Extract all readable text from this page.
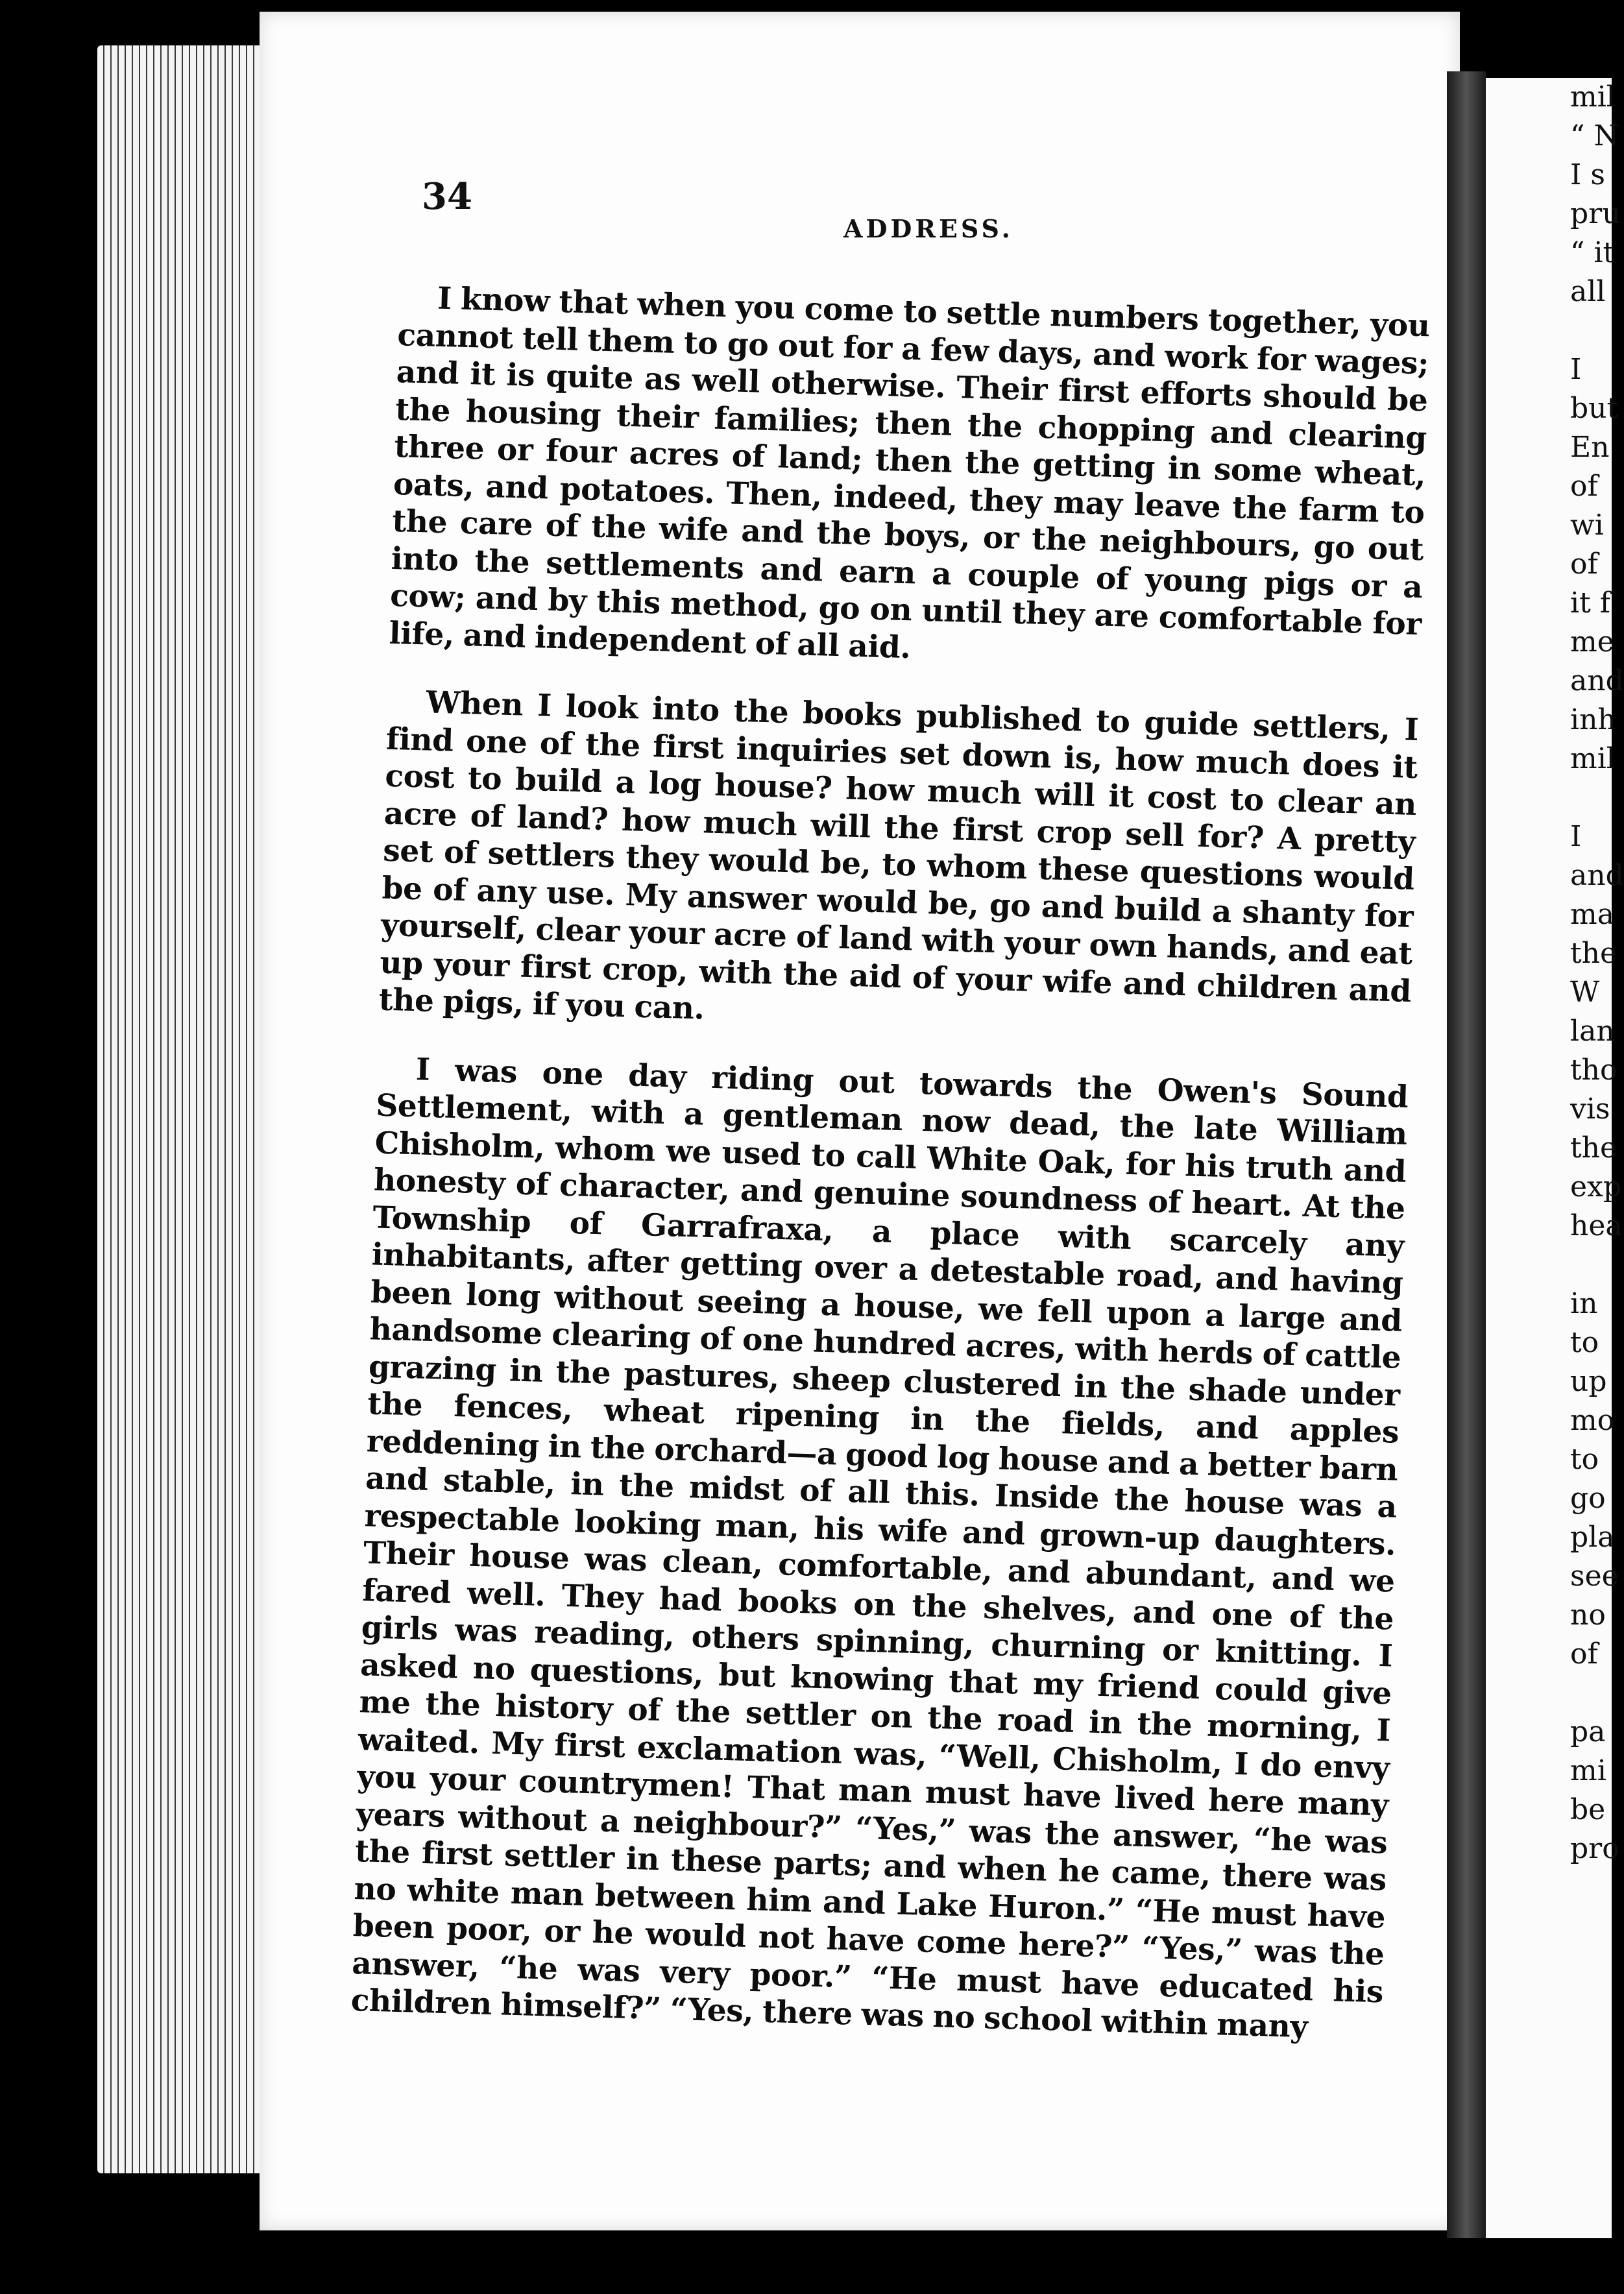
34
ADDRESS.

I know that when you come to settle numbers together, you cannot tell them to go out for a few days, and work for wages; and it is quite as well otherwise. Their first efforts should be the housing their families; then the chopping and clearing three or four acres of land; then the getting in some wheat, oats, and potatoes. Then, indeed, they may leave the farm to the care of the wife and the boys, or the neighbours, go out into the settlements and earn a couple of young pigs or a cow; and by this method, go on until they are comfortable for life, and independent of all aid.

When I look into the books published to guide settlers, I find one of the first inquiries set down is, how much does it cost to build a log house? how much will it cost to clear an acre of land? how much will the first crop sell for? A pretty set of settlers they would be, to whom these questions would be of any use. My answer would be, go and build a shanty for yourself, clear your acre of land with your own hands, and eat up your first crop, with the aid of your wife and children and the pigs, if you can.

I was one day riding out towards the Owen's Sound Settlement, with a gentleman now dead, the late William Chisholm, whom we used to call White Oak, for his truth and honesty of character, and genuine soundness of heart. At the Township of Garrafraxa, a place with scarcely any inhabitants, after getting over a detestable road, and having been long without seeing a house, we fell upon a large and handsome clearing of one hundred acres, with herds of cattle grazing in the pastures, sheep clustered in the shade under the fences, wheat ripening in the fields, and apples reddening in the orchard—a good log house and a better barn and stable, in the midst of all this. Inside the house was a respectable looking man, his wife and grown-up daughters. Their house was clean, comfortable, and abundant, and we fared well. They had books on the shelves, and one of the girls was reading, others spinning, churning or knitting. I asked no questions, but knowing that my friend could give me the history of the settler on the road in the morning, I waited. My first exclamation was, “Well, Chisholm, I do envy you your countrymen! That man must have lived here many years without a neighbour?” “Yes,” was the answer, “he was the first settler in these parts; and when he came, there was no white man between him and Lake Huron.” “He must have been poor, or he would not have come here?” “Yes,” was the answer, “he was very poor.” “He must have educated his children himself?” “Yes, there was no school within many

mil
“ N
I s
pru
“ it
all
I
but
En
of
wi
of
it f
me
and
inh
mil
I
and
ma
the
W
lan
tho
vis
the
exp
hea
in
to
up
mo
to
go
pla
see
no
of
pa
mi
be
pro
